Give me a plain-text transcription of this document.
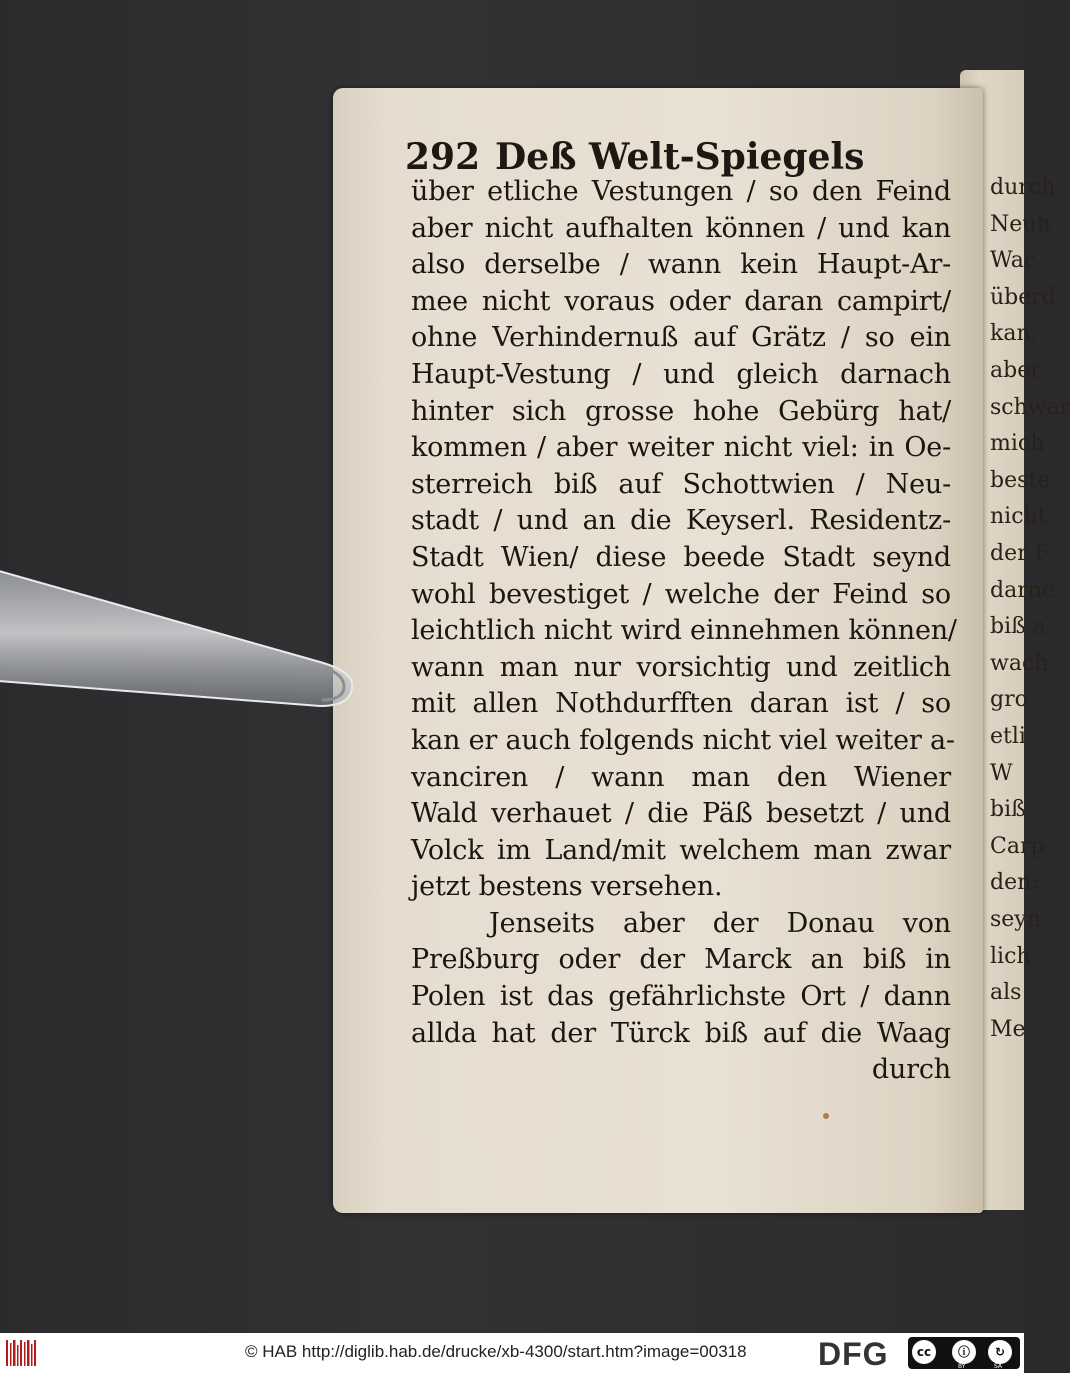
durch
Neuh
Wac
überd
kan.
aber
schwar
mich
beste
nicht
der F
darnc
biß a
wach
gro
etli
W
biß
Carp
den:
seyn
lich
als
Me
292 Deß Welt-Spiegels
über etliche Vestungen / so den Feind
aber nicht aufhalten können / und kan
also derselbe / wann kein Haupt-Ar-
mee nicht voraus oder daran campirt/
ohne Verhindernuß auf Grätz / so ein
Haupt-Vestung / und gleich darnach
hinter sich grosse hohe Gebürg hat/
kommen / aber weiter nicht viel: in Oe-
sterreich biß auf Schottwien / Neu-
stadt / und an die Keyserl. Residentz-
Stadt Wien/ diese beede Stadt seynd
wohl bevestiget / welche der Feind so
leichtlich nicht wird einnehmen können/
wann man nur vorsichtig und zeitlich
mit allen Nothdurfften daran ist / so
kan er auch folgends nicht viel weiter a-
vanciren / wann man den Wiener
Wald verhauet / die Päß besetzt / und
Volck im Land/mit welchem man zwar
jetzt bestens versehen.
Jenseits aber der Donau von
Preßburg oder der Marck an biß in
Polen ist das gefährlichste Ort / dann
allda hat der Türck biß auf die Waag
durch
© HAB http://diglib.hab.de/drucke/xb-4300/start.htm?image=00318 DFG	cc	ⓘ	↻
BY	SA
